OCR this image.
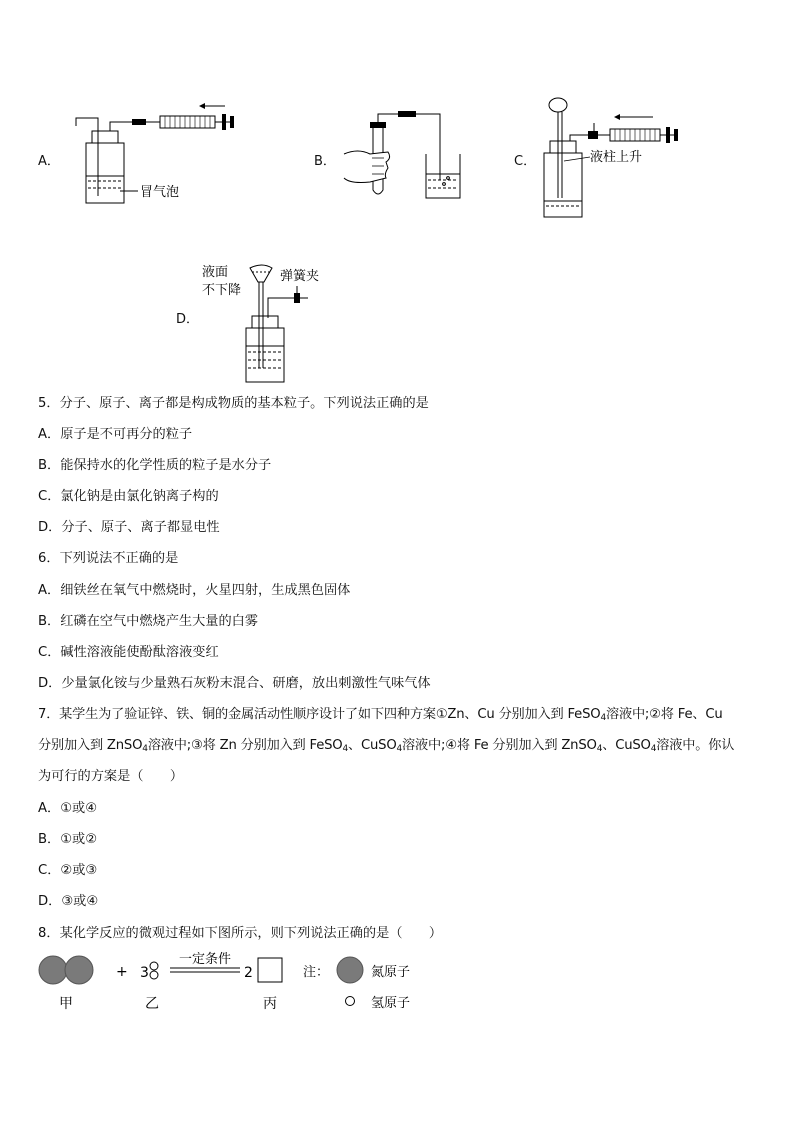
A．
冒气泡
B．	C．	液柱上升
D．
液面
不下降
弹簧夹
5．分子、原子、离子都是构成物质的基本粒子。下列说法正确的是
A．原子是不可再分的粒子
B．能保持水的化学性质的粒子是水分子
C．氯化钠是由氯化钠离子构的
D．分子、原子、离子都显电性
6．下列说法不正确的是
A．细铁丝在氧气中燃烧时，火星四射，生成黑色固体
B．红磷在空气中燃烧产生大量的白雾
C．碱性溶液能使酚酞溶液变红
D．少量氯化铵与少量熟石灰粉末混合、研磨，放出刺激性气味气体
7．某学生为了验证锌、铁、铜的金属活动性顺序设计了如下四种方案①Zn、Cu 分别加入到 FeSO$_4$溶液中;②将 Fe、Cu
分别加入到 ZnSO$_4$溶液中;③将 Zn 分别加入到 FeSO$_4$、CuSO$_4$溶液中;④将 Fe 分别加入到 ZnSO$_4$、CuSO$_4$溶液中。你认
为可行的方案是（　　）
A．①或④
B．①或②
C．②或③
D．③或④
8．某化学反应的微观过程如下图所示，则下列说法正确的是（　　）
甲
+ 3
乙
一定条件
2
丙
注：	氮原子
氢原子
